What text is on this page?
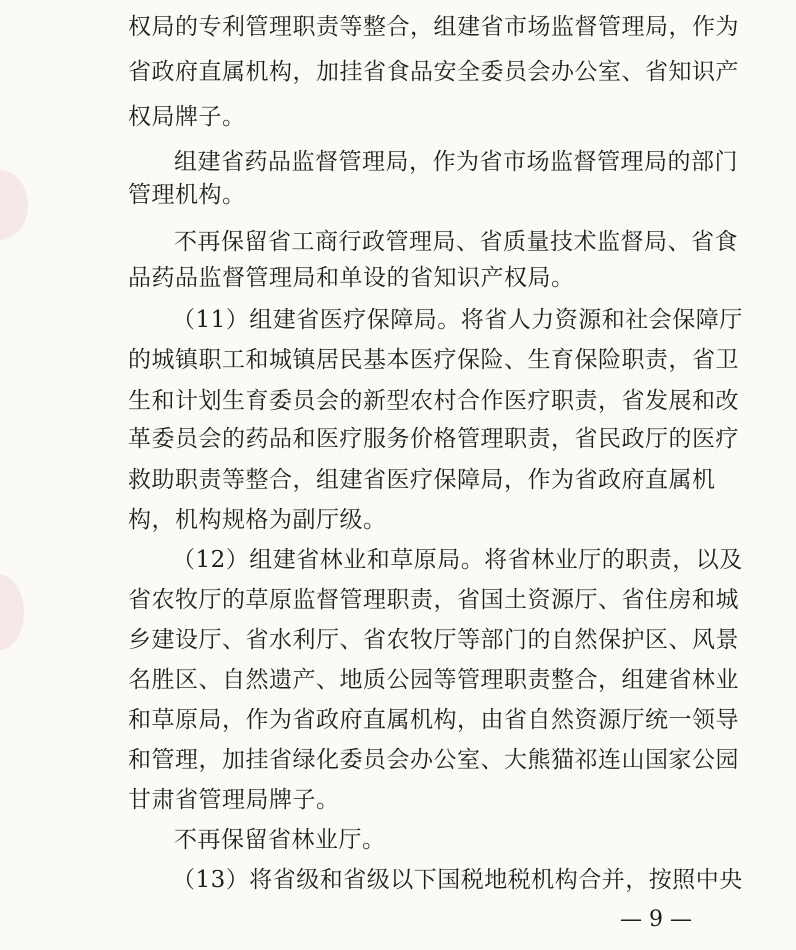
权局的专利管理职责等整合，组建省市场监督管理局，作为
省政府直属机构，加挂省食品安全委员会办公室、省知识产
权局牌子。
组建省药品监督管理局，作为省市场监督管理局的部门
管理机构。
不再保留省工商行政管理局、省质量技术监督局、省食
品药品监督管理局和单设的省知识产权局。
（11）组建省医疗保障局。将省人力资源和社会保障厅
的城镇职工和城镇居民基本医疗保险、生育保险职责，省卫
生和计划生育委员会的新型农村合作医疗职责，省发展和改
革委员会的药品和医疗服务价格管理职责，省民政厅的医疗
救助职责等整合，组建省医疗保障局，作为省政府直属机
构，机构规格为副厅级。
（12）组建省林业和草原局。将省林业厅的职责，以及
省农牧厅的草原监督管理职责，省国土资源厅、省住房和城
乡建设厅、省水利厅、省农牧厅等部门的自然保护区、风景
名胜区、自然遗产、地质公园等管理职责整合，组建省林业
和草原局，作为省政府直属机构，由省自然资源厅统一领导
和管理，加挂省绿化委员会办公室、大熊猫祁连山国家公园
甘肃省管理局牌子。
不再保留省林业厅。
（13）将省级和省级以下国税地税机构合并，按照中央
— 9 —
